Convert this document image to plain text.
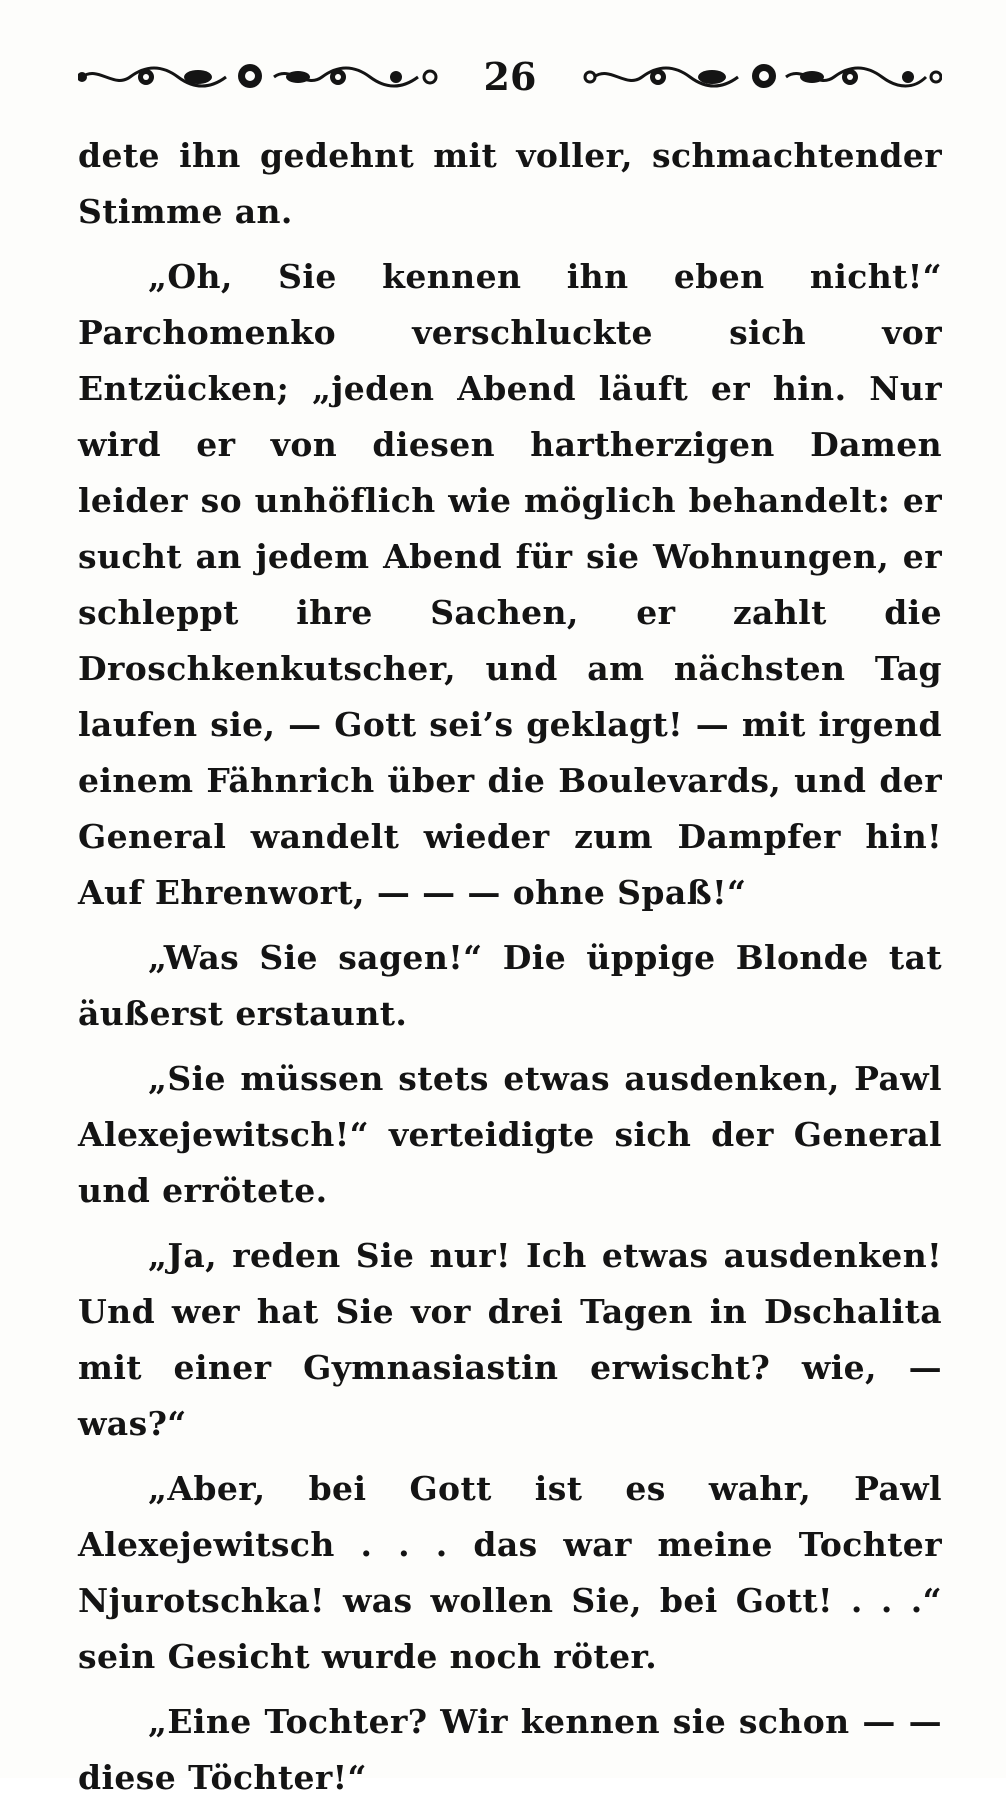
26

dete ihn gedehnt mit voller, schmachtender Stimme an.

„Oh, Sie kennen ihn eben nicht!“ Parchomenko verschluckte sich vor Entzücken; „jeden Abend läuft er hin. Nur wird er von diesen hartherzigen Damen leider so unhöflich wie möglich behandelt: er sucht an jedem Abend für sie Wohnungen, er schleppt ihre Sachen, er zahlt die Droschkenkutscher, und am nächsten Tag laufen sie, — Gott sei’s geklagt! — mit irgend einem Fähnrich über die Boulevards, und der General wandelt wieder zum Dampfer hin! Auf Ehrenwort, — — — ohne Spaß!“

„Was Sie sagen!“ Die üppige Blonde tat äußerst erstaunt.

„Sie müssen stets etwas ausdenken, Pawl Alexejewitsch!“ verteidigte sich der General und errötete.

„Ja, reden Sie nur! Ich etwas ausdenken! Und wer hat Sie vor drei Tagen in Dschalita mit einer Gymnasiastin erwischt? wie, — was?“

„Aber, bei Gott ist es wahr, Pawl Alexejewitsch . . . das war meine Tochter Njurotschka! was wollen Sie, bei Gott! . . .“ sein Gesicht wurde noch röter.

„Eine Tochter? Wir kennen sie schon — — diese Töchter!“
